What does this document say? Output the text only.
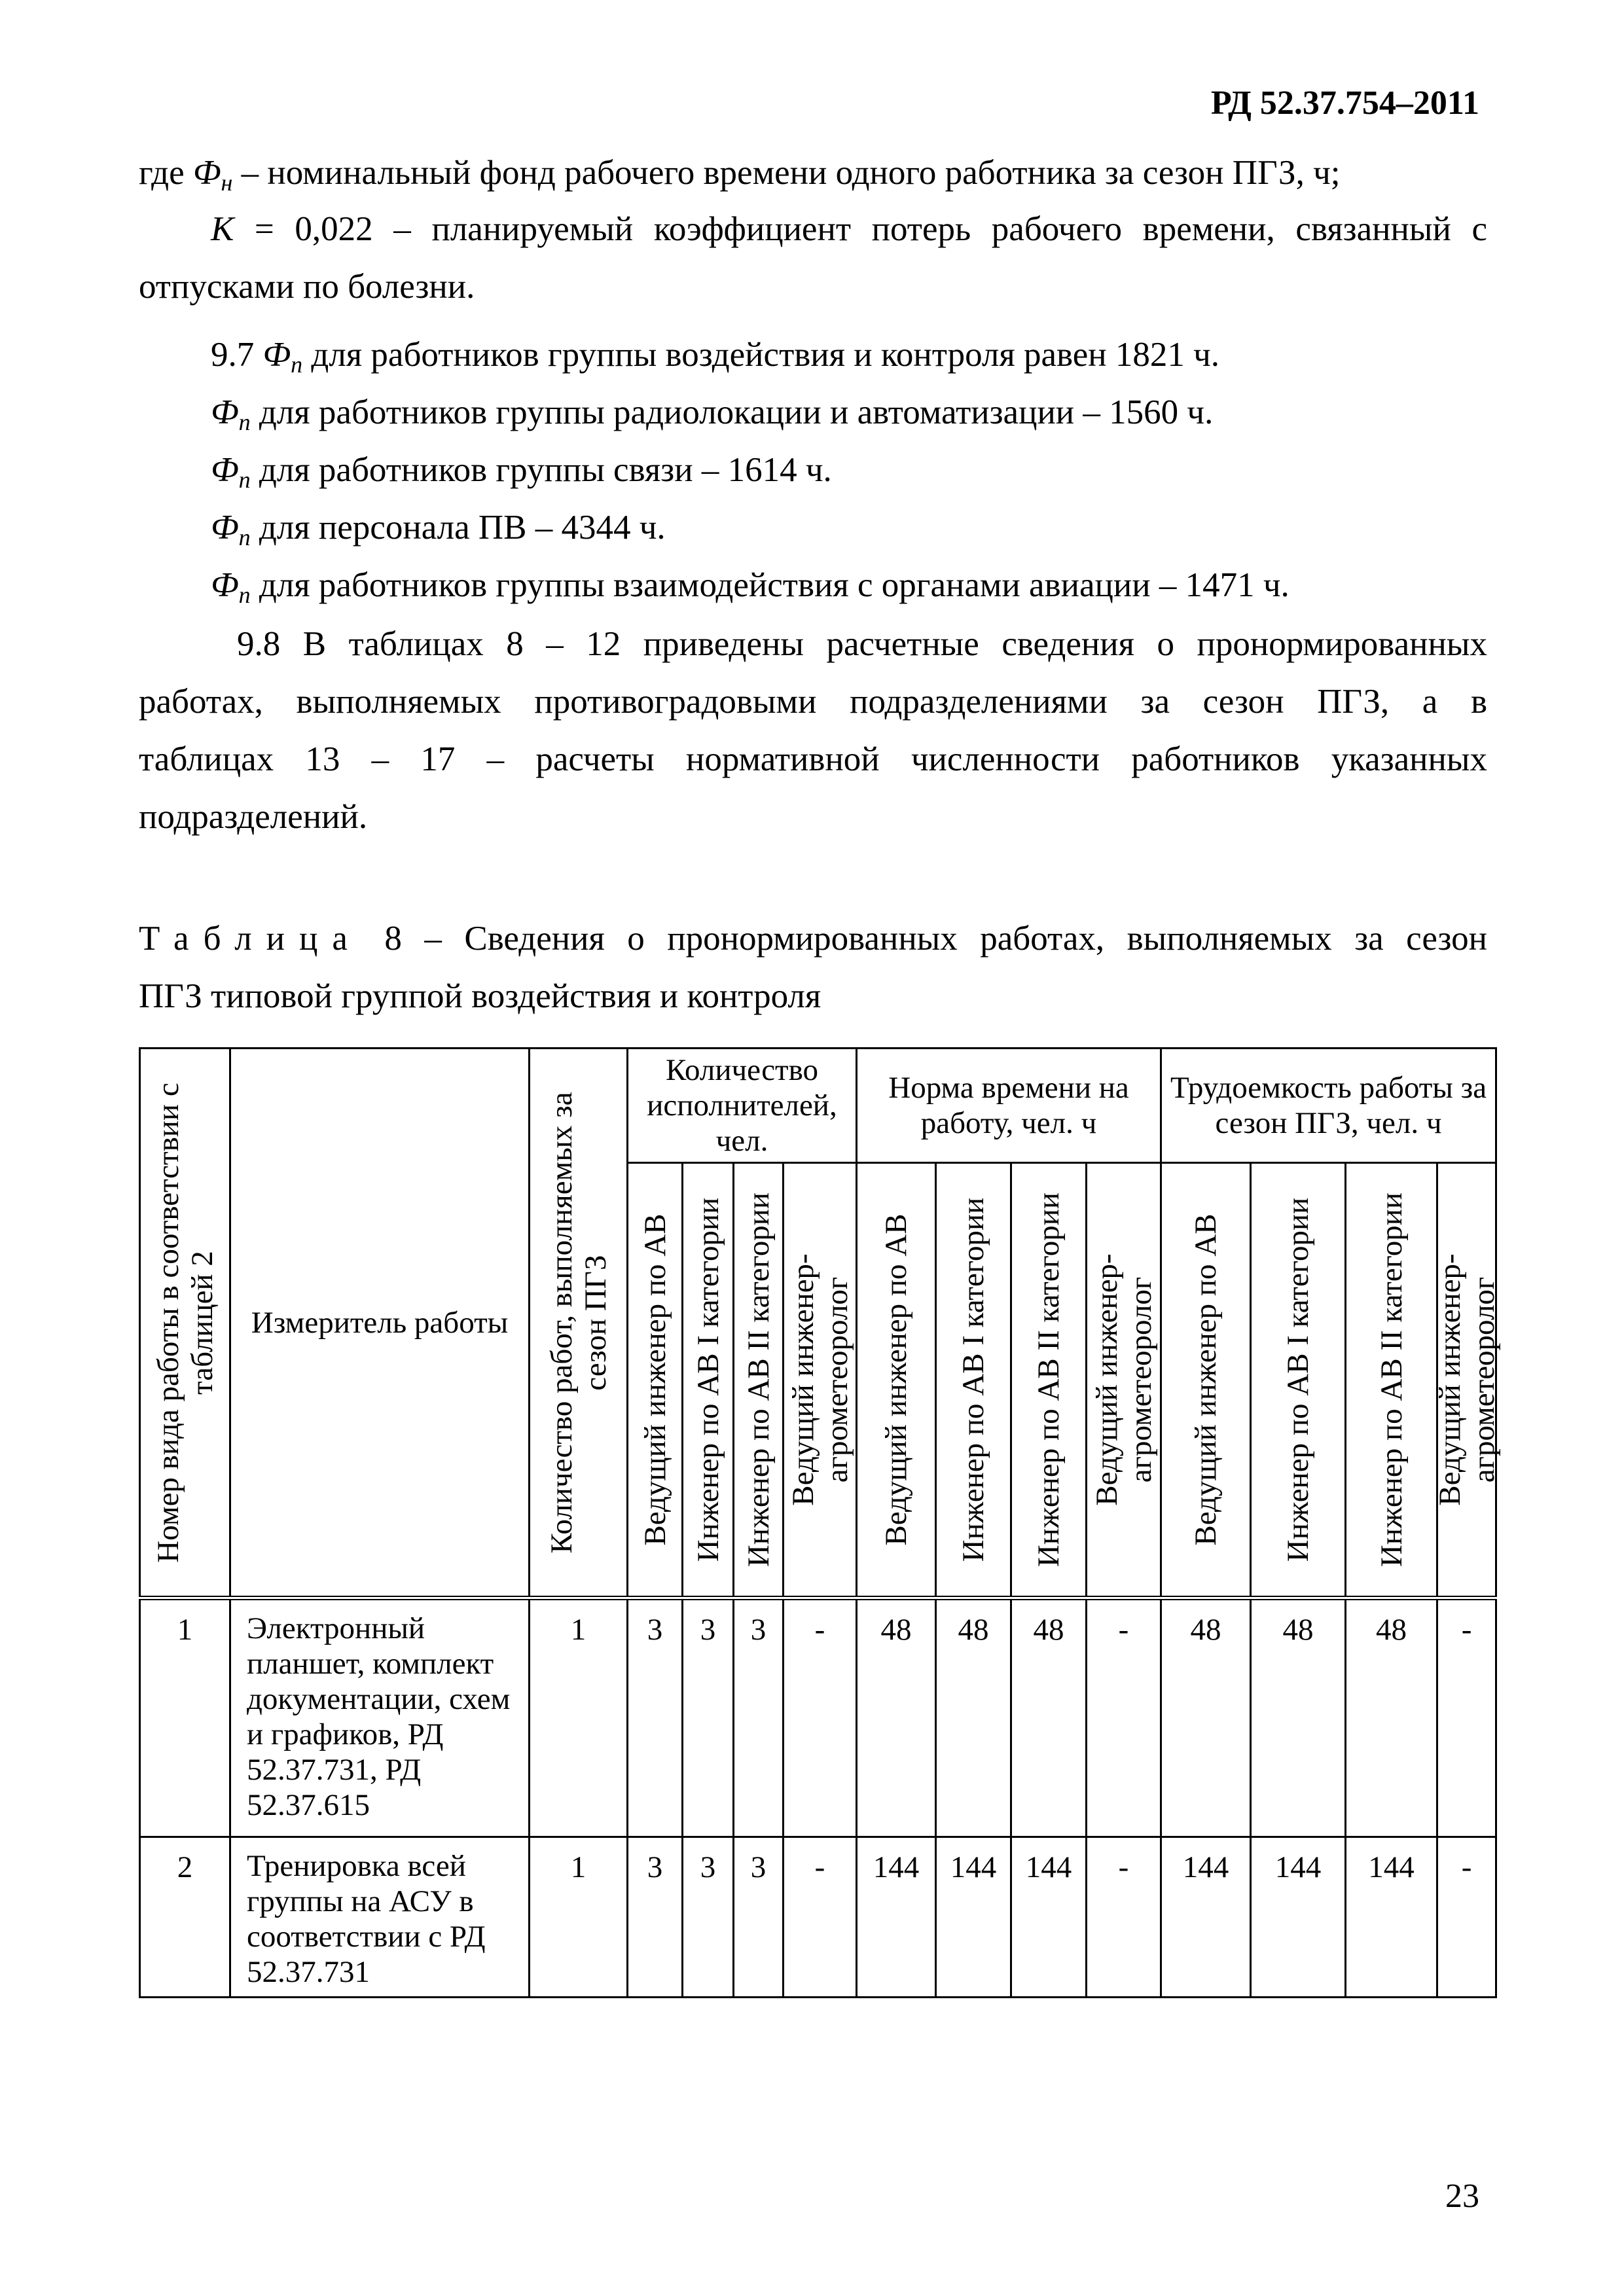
РД 52.37.754–2011
где $Ф_н$ – номинальный фонд рабочего времени одного работника за сезон ПГЗ, ч;
К = 0,022 – планируемый коэффициент потерь рабочего времени, связанный с
отпусками по болезни.
9.7 $Ф_п$ для работников группы воздействия и контроля равен 1821 ч.
$Ф_п$ для работников группы радиолокации и автоматизации – 1560 ч.
$Ф_п$ для работников группы связи – 1614 ч.
$Ф_п$ для персонала ПВ – 4344 ч.
$Ф_п$ для работников группы взаимодействия с органами авиации – 1471 ч.
9.8 В таблицах 8 – 12 приведены расчетные сведения о пронормированных
работах, выполняемых противоградовыми подразделениями за сезон ПГЗ, а в
таблицах 13 – 17 – расчеты нормативной численности работников указанных
подразделений.
Таблица 8 – Сведения о пронормированных работах, выполняемых за сезон
ПГЗ типовой группой воздействия и контроля
Номер вида работы в соответствии с таблицей 2	Измеритель работы	Количество работ, выполняемых за сезон ПГЗ	Количество исполнителей, чел.				Норма времени на работу, чел. ч				Трудоемкость работы за сезон ПГЗ, чел. ч			

			Ведущий инженер по АВ	Инженер по АВ I категории	Инженер по АВ II категории	Ведущий инженер-агрометеоролог	Ведущий инженер по АВ	Инженер по АВ I категории	Инженер по АВ II категории	Ведущий инженер-агрометеоролог	Ведущий инженер по АВ	Инженер по АВ I категории	Инженер по АВ II категории	Ведущий инженер-агрометеоролог

1	Электронный планшет, комплект документации, схем и графиков, РД 52.37.731, РД 52.37.615	1	3	3	3	-	48	48	48	-	48	48	48	-
2	Тренировка всей группы на АСУ в соответствии с РД 52.37.731	1	3	3	3	-	144	144	144	-	144	144	144	-
23
